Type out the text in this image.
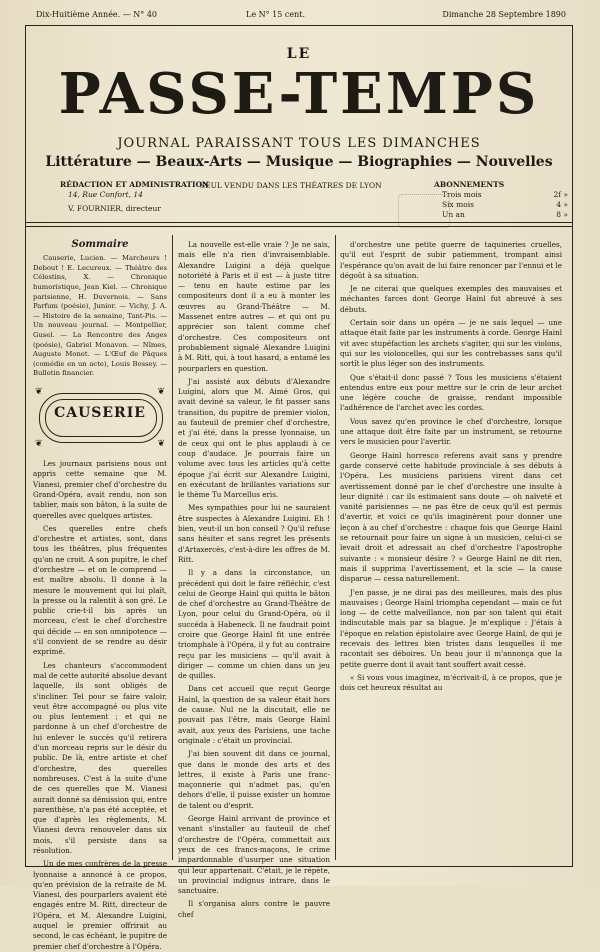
Dix-Huitième Année. — N° 40	Le N° 15 cent.	Dimanche 28 Septembre 1890
LE
PASSE-TEMPS
JOURNAL PARAISSANT TOUS LES DIMANCHES
Littérature — Beaux-Arts — Musique — Biographies — Nouvelles
RÉDACTION ET ADMINISTRATION
14, Rue Confort, 14
V. FOURNIER, directeur
SEUL VENDU DANS LES THÉATRES DE LYON	ABONNEMENTS
Trois mois	2f »
Six mois	4 »
Un an	8 »
Sommaire

Causerie, Lucien. — Marcheurs ! Debout ! E. Lecureux. — Théâtre des Célestins, X. — Chronique humoristique, Jean Kiel. — Chronique parisienne, H. Duvernois. — Sans Parfum (poésie), Junior. — Vichy, J. A. — Histoire de la semaine, Tant-Pis. — Un nouveau journal. — Montpellier, Gusel. — La Rencontre des Anges (poésie), Gabriel Monavon. — Nîmes, Auguste Monet. — L'Œuf de Pâques (comédie en un acte), Louis Bossey. — Bulletin financier.

CAUSERIE
❦	❦
❦	❦

Les journaux parisiens nous ont appris cette semaine que M. Vianesi, premier chef d'orchestre du Grand-Opéra, avait rendu, non son tablier, mais son bâton, à la suite de querelles avec quelques artistes.

Ces querelles entre chefs d'orchestre et artistes, sont, dans tous les théâtres, plus fréquentes qu'on ne croit. A son pupitre, le chef d'orchestre — et on le comprend — est maître absolu. Il donne à la mesure le mouvement qui lui plaît, la presse ou la ralentit à son gré. Le public crie-t-il bis après un morceau, c'est le chef d'orchestre qui décide — en son omnipotence — s'il convient de se rendre au désir exprimé.

Les chanteurs s'accommodent mal de cette autorité absolue devant laquelle, ils sont obligés de s'incliner. Tel pour se faire valoir, veut être accompagné ou plus vite ou plus lentement ; et qui ne pardonne à un chef d'orchestre de lui enlever le succès qu'il retirera d'un morceau repris sur le désir du public. De là, entre artiste et chef d'orchestre, des querelles nombreuses. C'est à la suite d'une de ces querelles que M. Vianesi aurait donné sa démission qui, entre parenthèse, n'a pas été acceptée, et que d'après les règlements, M. Vianesi devra renouveler dans six mois, s'il persiste dans sa résolution.

Un de mes confrères de la presse lyonnaise a annoncé à ce propos, qu'en prévision de la retraite de M. Vianesi, des pourparlers avaient été engagés entre M. Ritt, directeur de l'Opéra, et M. Alexandre Luigini, auquel le premier offrirait au second, le cas échéant, le pupitre de premier chef d'orchestre à l'Opéra.

La nouvelle est-elle vraie ? Je ne sais, mais elle n'a rien d'invraisemblable. Alexandre Luigini a déjà quelque notoriété à Paris et il est — à juste titre — tenu en haute estime par les compositeurs dont il a eu à monter les œuvres au Grand-Théâtre — M. Massenet entre autres — et qui ont pu apprécier son talent comme chef d'orchestre. Ces compositeurs ont probablement signalé Alexandre Luigini à M. Ritt, qui, à tout hasard, a entamé les pourparlers en question.

J'ai assisté aux débuts d'Alexandre Luigini, alors que M. Aimé Gros, qui avait deviné sa valeur, le fit passer sans transition, du pupitre de premier violon, au fauteuil de premier chef d'orchestre, et j'ai été, dans la presse lyonnaise, un de ceux qui ont le plus applaudi à ce coup d'audace. Je pourrais faire un volume avec tous les articles qu'à cette époque j'ai écrit sur Alexandre Luigini, en exécutant de brillantes variations sur le thème Tu Marcellus eris.

Mes sympathies pour lui ne sauraient être suspectes à Alexandre Luigini. Eh ! bien, veut-il un bon conseil ? Qu'il refuse sans hésiter et sans regret les présents d'Artaxercès, c'est-à-dire les offres de M. Ritt.

Il y a dans la circonstance, un précédent qui doit le faire réfléchir, c'est celui de George Hainl qui quitta le bâton de chef d'orchestre au Grand-Théâtre de Lyon, pour celui du Grand-Opéra, où il succéda à Habeneck. Il ne faudrait point croire que George Hainl fit une entrée triomphale à l'Opéra, il y fut au contraire reçu par les musiciens — qu'il avait à diriger — comme un chien dans un jeu de quilles.

Dans cet accueil que reçut George Hainl, la question de sa valeur était hors de cause. Nul ne la discutait, elle ne pouvait pas l'être, mais George Hainl avait, aux yeux des Parisiens, une tache originale : c'était un provincial.

J'ai bien souvent dit dans ce journal, que dans le monde des arts et des lettres, il existe à Paris une franc-maçonnerie qui n'admet pas, qu'en dehors d'elle, il puisse exister un homme de talent ou d'esprit.

George Hainl arrivant de province et venant s'installer au fauteuil de chef d'orchestre de l'Opéra, commettait aux yeux de ces francs-maçons, le crime impardonnable d'usurper une situation qui leur appartenait. C'était, je le répète, un provincial indignus intrare, dans le sanctuaire.

Il s'organisa alors contre le pauvre chef

d'orchestre une petite guerre de taquineries cruelles, qu'il eut l'esprit de subir patiemment, trompant ainsi l'espérance qu'on avait de lui faire renoncer par l'ennui et le dégoût à sa situation.

Je ne citerai que quelques exemples des mauvaises et méchantes farces dont George Hainl fut abreuvé à ses débuts.

Certain soir dans un opéra — je ne sais lequel — une attaque était faite par les instruments à corde. George Hainl vit avec stupéfaction les archets s'agiter, qui sur les violons, qui sur les violoncelles, qui sur les contrebasses sans qu'il sortît le plus léger son des instruments.

Que s'était-il donc passé ? Tous les musiciens s'étaient entendus entre eux pour mettre sur le crin de leur archet une légère couche de graisse, rendant impossible l'adhérence de l'archet avec les cordes.

Vous savez qu'en province le chef d'orchestre, lorsque une attaque doit être faite par un instrument, se retourne vers le musicien pour l'avertir.

George Hainl horresco referens avait sans y prendre garde conservé cette habitude provinciale à ses débuts à l'Opéra. Les musiciens parisiens virent dans cet avertissement donné par le chef d'orchestre une insulte à leur dignité : car ils estimaient sans doute — oh naïveté et vanité parisiennes — ne pas être de ceux qu'il est permis d'avertir, et voici ce qu'ils imaginèrent pour donner une leçon à au chef d'orchestre : chaque fois que George Hainl se retournait pour faire un signe à un musicien, celui-ci se levait droit et adressait au chef d'orchestre l'apostrophe suivante : « monsieur désire ? » George Hainl ne dit rien, mais il supprima l'avertissement, et la scie — la cause disparue — cessa naturellement.

J'en passe, je ne dirai pas des meilleures, mais des plus mauvaises ; George Hainl triompha cependant — mais ce fut long — de cette malveillance, non par son talent qui était indiscutable mais par sa blague. Je m'explique : J'étais à l'époque en relation épistolaire avec George Hainl, de qui je recevais des lettres bien tristes dans lesquelles il me racontait ses déboires. Un beau jour il m'annonça que la petite guerre dont il avait tant souffert avait cessé.

« Si vous vous imaginez, m'écrivait-il, à ce propos, que je dois cet heureux résultat au
